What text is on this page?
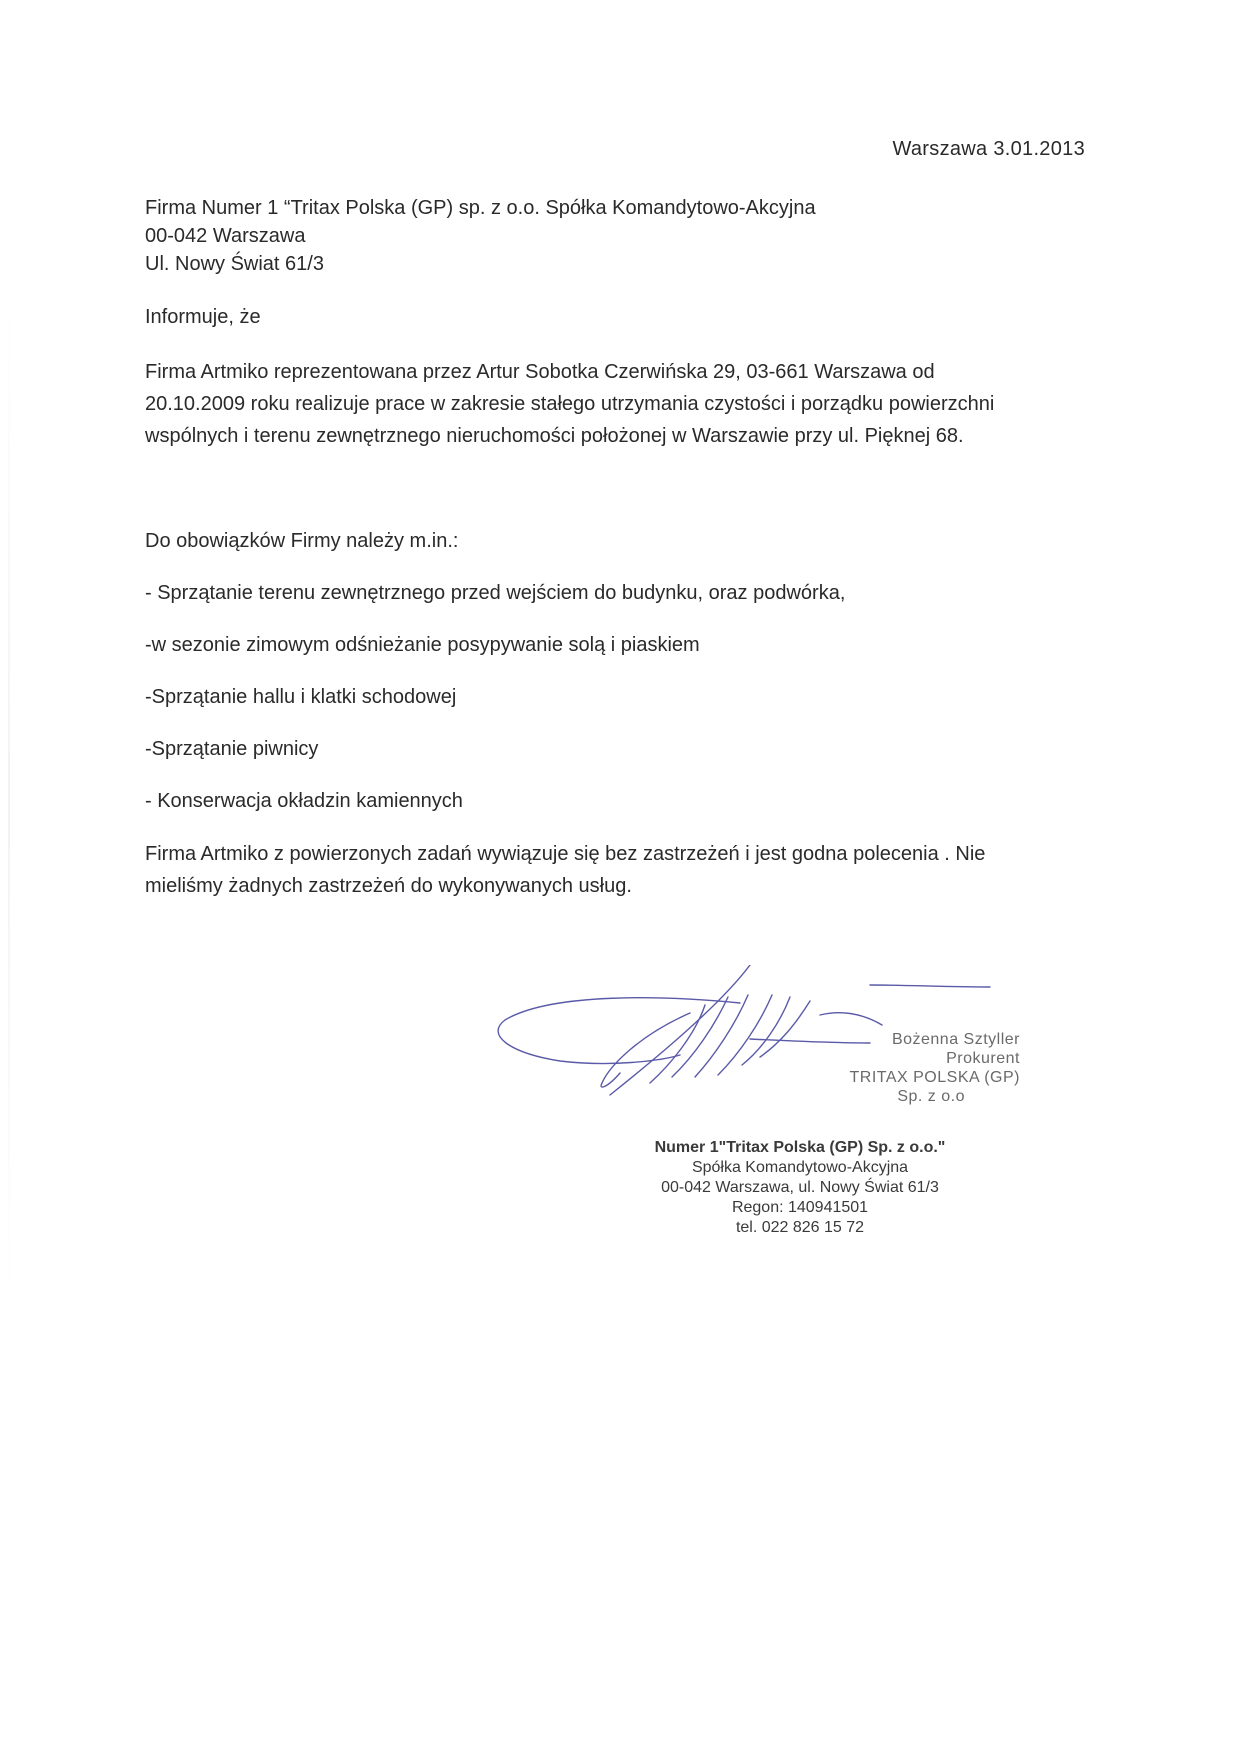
Warszawa 3.01.2013
Firma Numer 1 “Tritax Polska (GP) sp. z o.o. Spółka Komandytowo-Akcyjna
00-042 Warszawa
Ul. Nowy Świat 61/3
Informuje, że
Firma Artmiko reprezentowana przez Artur Sobotka Czerwińska 29, 03-661 Warszawa od
20.10.2009 roku realizuje prace w zakresie stałego utrzymania czystości i porządku powierzchni
wspólnych i terenu zewnętrznego nieruchomości położonej w Warszawie przy ul. Pięknej 68.
Do obowiązków Firmy należy m.in.:
- Sprzątanie terenu zewnętrznego przed wejściem do budynku, oraz podwórka,
-w sezonie zimowym odśnieżanie posypywanie solą i piaskiem
-Sprzątanie hallu i klatki schodowej
-Sprzątanie piwnicy
- Konserwacja okładzin kamiennych
Firma Artmiko z powierzonych zadań wywiązuje się bez zastrzeżeń i jest godna polecenia . Nie
mieliśmy żadnych zastrzeżeń do wykonywanych usług.
Bożenna Sztyller
Prokurent
TRITAX POLSKA (GP)
Sp. z o.o
Numer 1"Tritax Polska (GP) Sp. z o.o."
Spółka Komandytowo-Akcyjna
00-042 Warszawa, ul. Nowy Świat 61/3
Regon: 140941501
tel. 022 826 15 72
